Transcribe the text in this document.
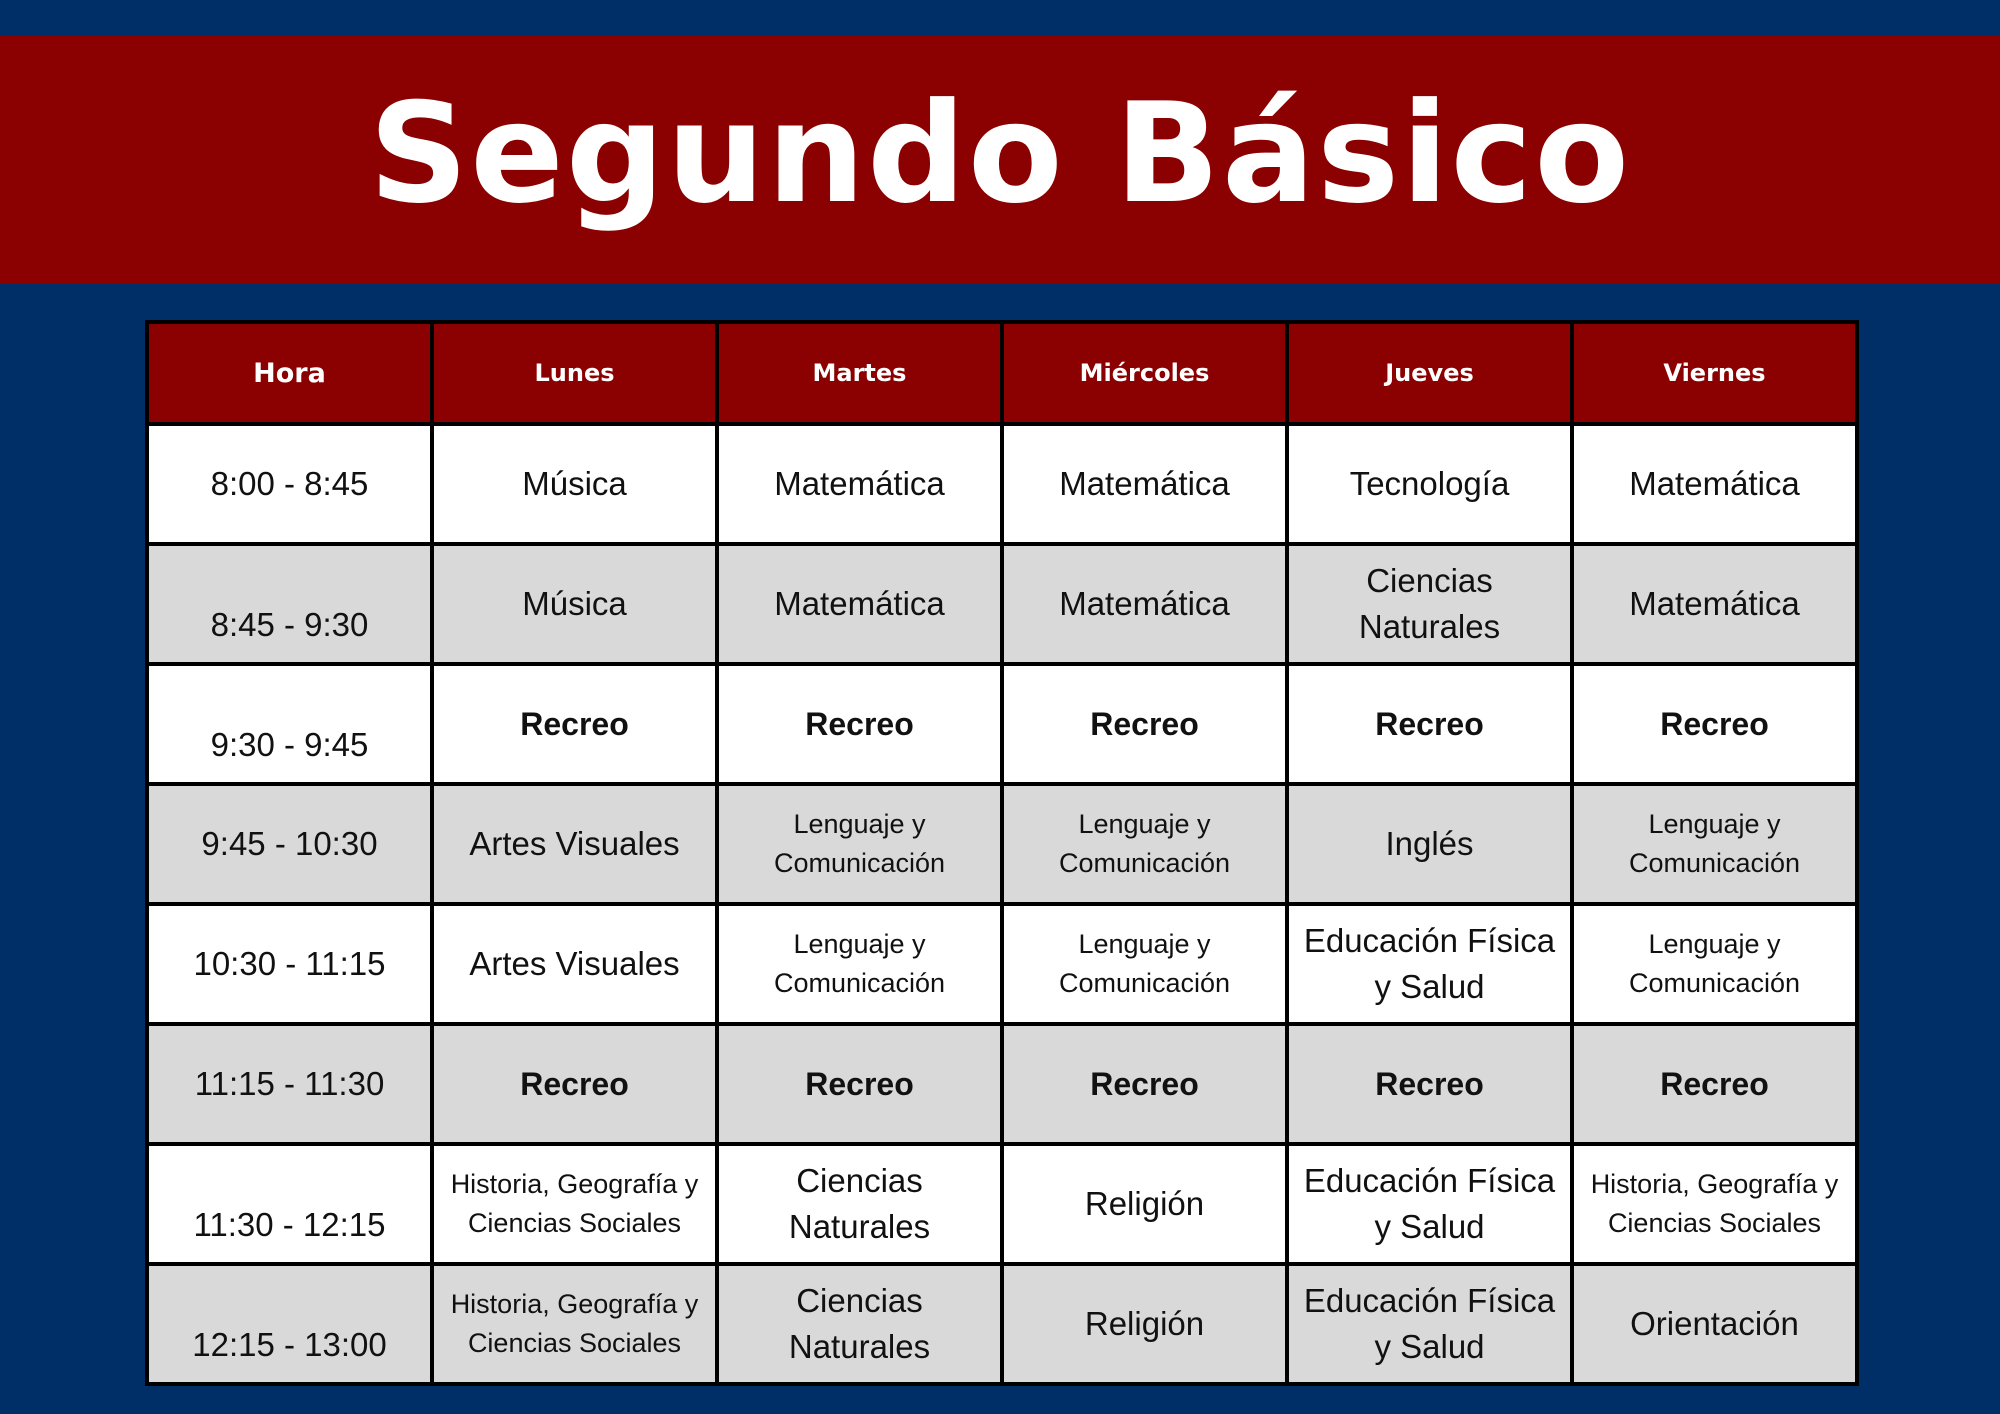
Segundo Básico
Hora	Lunes	Martes	Miércoles	Jueves	Viernes
8:00 - 8:45	Música	Matemática	Matemática	Tecnología	Matemática
8:45 - 9:30	Música	Matemática	Matemática	Ciencias Naturales	Matemática
9:30 - 9:45	Recreo	Recreo	Recreo	Recreo	Recreo
9:45 - 10:30	Artes Visuales	Lenguaje y Comunicación	Lenguaje y Comunicación	Inglés	Lenguaje y Comunicación
10:30 - 11:15	Artes Visuales	Lenguaje y Comunicación	Lenguaje y Comunicación	Educación Física y Salud	Lenguaje y Comunicación
11:15 - 11:30	Recreo	Recreo	Recreo	Recreo	Recreo
11:30 - 12:15	Historia, Geografía y Ciencias Sociales	Ciencias Naturales	Religión	Educación Física y Salud	Historia, Geografía y Ciencias Sociales
12:15 - 13:00	Historia, Geografía y Ciencias Sociales	Ciencias Naturales	Religión	Educación Física y Salud	Orientación
